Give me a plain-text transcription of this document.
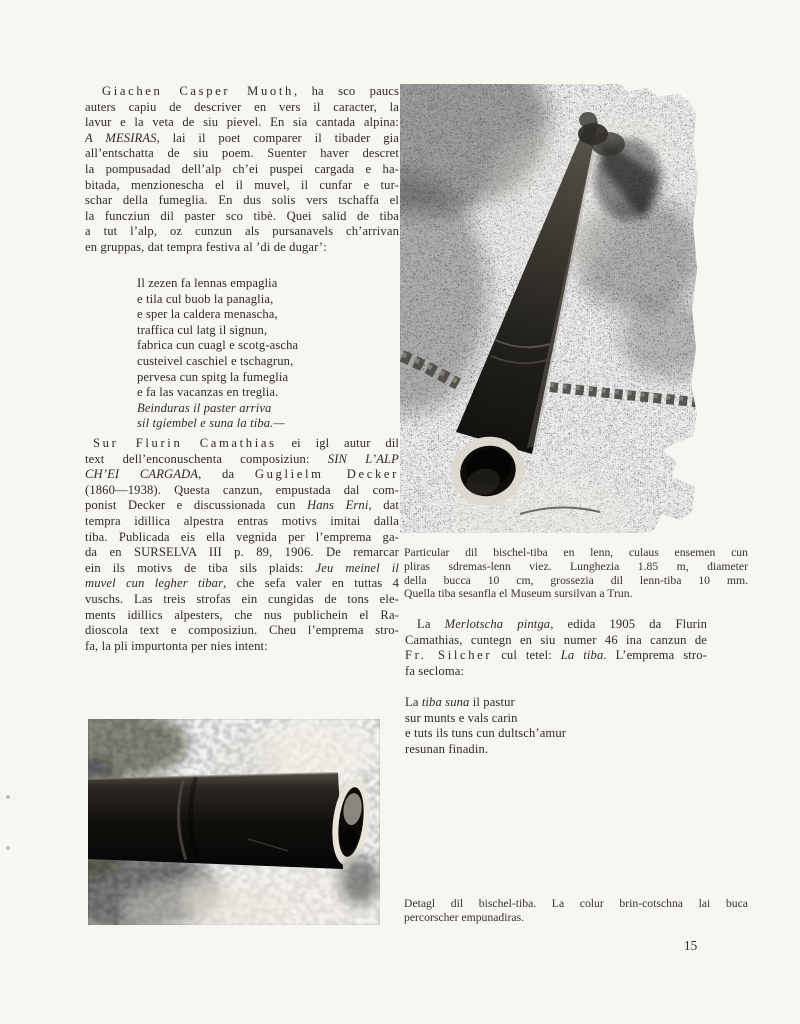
Giachen Casper Muoth, ha sco paucs
auters capiu de descriver en vers il caracter, la
lavur e la veta de siu pievel. En sia cantada alpina:
A MESIRAS, lai il poet comparer il tibader gia
all’entschatta de siu poem. Suenter haver descret
la pompusadad dell’alp ch’ei puspei cargada e ha-
bitada, menzionescha el il muvel, il cunfar e tur-
schar della fumeglia. En dus solis vers tschaffa el
la funcziun dil paster sco tibè. Quei salid de tiba
a tut l’alp, oz cunzun als pursanavels ch’arrivan
en gruppas, dat tempra festiva al ’di de dugar’:
Il zezen fa lennas empaglia
e tila cul buob la panaglia,
e sper la caldera menascha,
traffica cul latg il signun,
fabrica cun cuagl e scotg-ascha
custeivel caschiel e tschagrun,
pervesa cun spitg la fumeglia
e fa las vacanzas en treglia.
Beinduras il paster arriva
sil tgiembel e suna la tiba.—
Sur Flurin Camathias ei igl autur dil
text dell’enconuschenta composiziun: SIN L’ALP
CH’EI CARGADA, da Guglielm Decker
(1860—1938). Questa canzun, empustada dal com-
ponist Decker e discussionada cun Hans Erni, dat
tempra idillica alpestra entras motivs imitai dalla
tiba. Publicada eis ella vegnida per l’emprema ga-
da en SURSELVA III p. 89, 1906. De remarcar
ein ils motivs de tiba sils plaids: Jeu meinel il
muvel cun legher tibar, che sefa valer en tuttas 4
vuschs. Las treis strofas ein cungidas de tons ele-
ments idillics alpesters, che nus publichein el Ra-
dioscola text e composiziun. Cheu l’emprema stro-
fa, la pli impurtonta per nies intent:
Particular dil bischel-tiba en lenn, culaus ensemen cun
pliras sdremas-lenn viez. Lunghezia 1.85 m, diameter
della bucca 10 cm, grossezia dil lenn-tiba 10 mm.
Quella tiba sesanfla el Museum sursilvan a Trun.
La Merlotscha pintga, edida 1905 da Flurin
Camathias, cuntegn en siu numer 46 ina canzun de
Fr. Silcher cul tetel: La tiba. L’emprema stro-
fa secloma:
La tiba suna il pastur
sur munts e vals carin
e tuts ils tuns cun dultsch’amur
resunan finadin.
Detagl dil bischel-tiba. La colur brin-cotschna lai buca
percorscher empunadiras.
15
